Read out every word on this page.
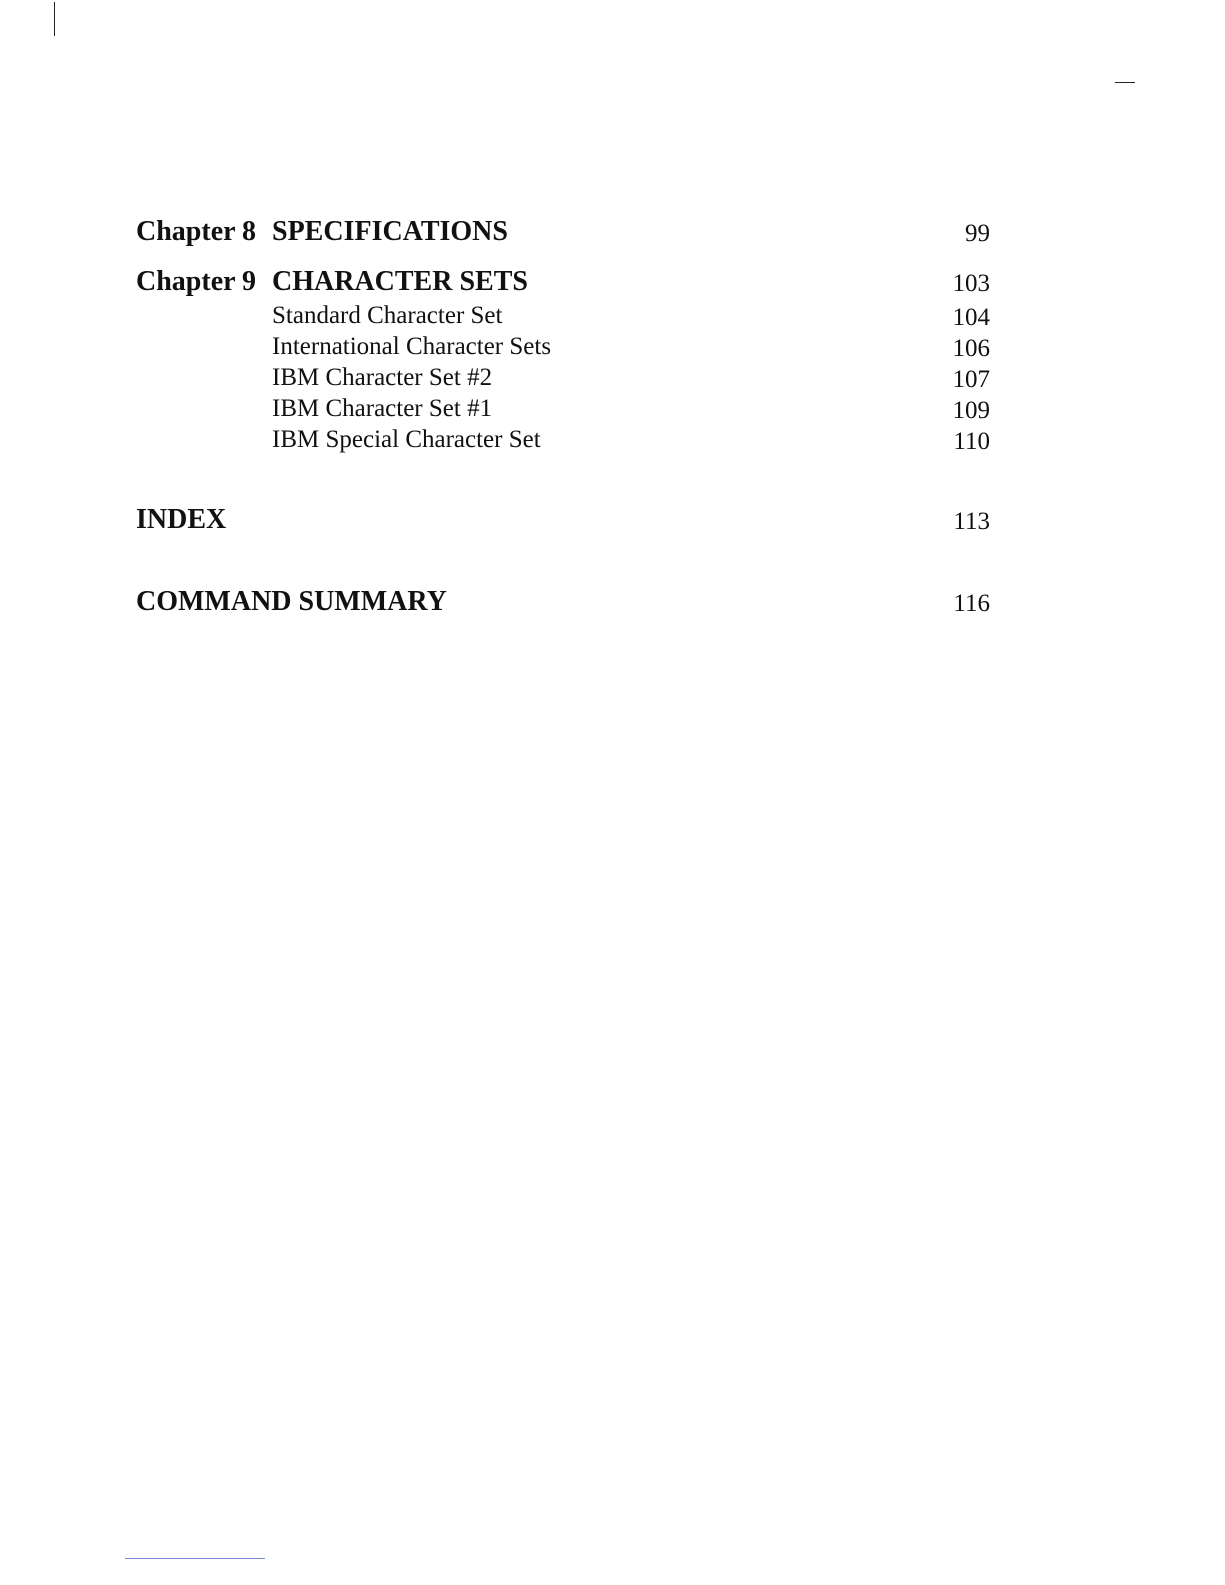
Chapter 8 SPECIFICATIONS	99
Chapter 9 CHARACTER SETS	103
Standard Character Set	104
International Character Sets	106
IBM Character Set #2	107
IBM Character Set #1	109
IBM Special Character Set	110
INDEX	113
COMMAND SUMMARY	116
